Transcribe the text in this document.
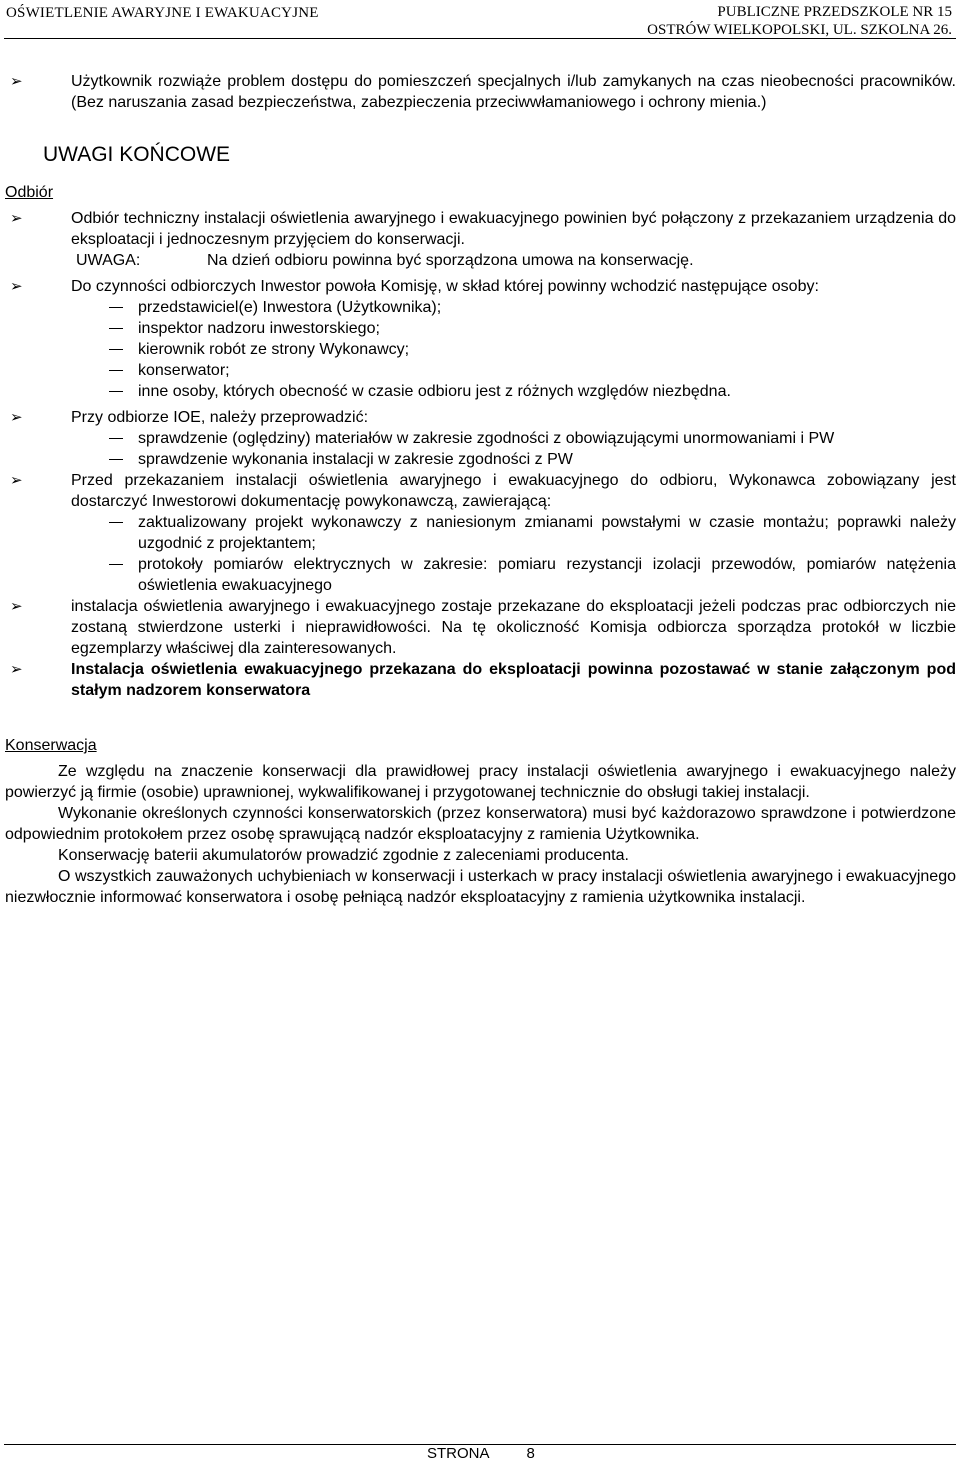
OŚWIETLENIE AWARYJNE I EWAKUACYJNE	PUBLICZNE PRZEDSZKOLE NR 15
OSTRÓW WIELKOPOLSKI, UL. SZKOLNA 26.
➢	Użytkownik rozwiąże problem dostępu do pomieszczeń specjalnych i/lub zamykanych na czas nieobecności pracowników. (Bez naruszania zasad bezpieczeństwa, zabezpieczenia przeciwwłamaniowego i ochrony mienia.)
UWAGI KOŃCOWE
Odbiór
➢	Odbiór techniczny instalacji oświetlenia awaryjnego i ewakuacyjnego powinien być połączony z przekazaniem urządzenia do eksploatacji i jednoczesnym przyjęciem do konserwacji.
UWAGA:	Na dzień odbioru powinna być sporządzona umowa na konserwację.
➢	Do czynności odbiorczych Inwestor powoła Komisję, w skład której powinny wchodzić następujące osoby:
przedstawiciel(e) Inwestora (Użytkownika);
inspektor nadzoru inwestorskiego;
kierownik robót ze strony Wykonawcy;
konserwator;
inne osoby, których obecność w czasie odbioru jest z różnych względów niezbędna.
➢	Przy odbiorze IOE, należy przeprowadzić:
sprawdzenie (oględziny) materiałów w zakresie zgodności z obowiązującymi unormowaniami i PW
sprawdzenie wykonania instalacji w zakresie zgodności z PW
➢	Przed przekazaniem instalacji oświetlenia awaryjnego i ewakuacyjnego do odbioru, Wykonawca zobowiązany jest dostarczyć Inwestorowi dokumentację powykonawczą, zawierającą:
zaktualizowany projekt wykonawczy z naniesionym zmianami powstałymi w czasie montażu; poprawki należy uzgodnić z projektantem;
protokoły pomiarów elektrycznych w zakresie: pomiaru rezystancji izolacji przewodów, pomiarów natężenia oświetlenia ewakuacyjnego
➢	instalacja oświetlenia awaryjnego i ewakuacyjnego zostaje przekazane do eksploatacji jeżeli podczas prac odbiorczych nie zostaną stwierdzone usterki i nieprawidłowości. Na tę okoliczność Komisja odbiorcza sporządza protokół w liczbie egzemplarzy właściwej dla zainteresowanych.
➢	Instalacja oświetlenia ewakuacyjnego przekazana do eksploatacji powinna pozostawać w stanie załączonym pod stałym nadzorem konserwatora
Konserwacja
Ze względu na znaczenie konserwacji dla prawidłowej pracy instalacji oświetlenia awaryjnego i ewakuacyjnego należy powierzyć ją firmie (osobie) uprawnionej, wykwalifikowanej i przygotowanej technicznie do obsługi takiej instalacji.
Wykonanie określonych czynności konserwatorskich (przez konserwatora) musi być każdorazowo sprawdzone i potwierdzone odpowiednim protokołem przez osobę sprawującą nadzór eksploatacyjny z ramienia Użytkownika.
Konserwację baterii akumulatorów prowadzić zgodnie z zaleceniami producenta.
O wszystkich zauważonych uchybieniach w konserwacji i usterkach w pracy instalacji oświetlenia awaryjnego i ewakuacyjnego niezwłocznie informować konserwatora i osobę pełniącą nadzór eksploatacyjny z ramienia użytkownika instalacji.
STRONA 8
